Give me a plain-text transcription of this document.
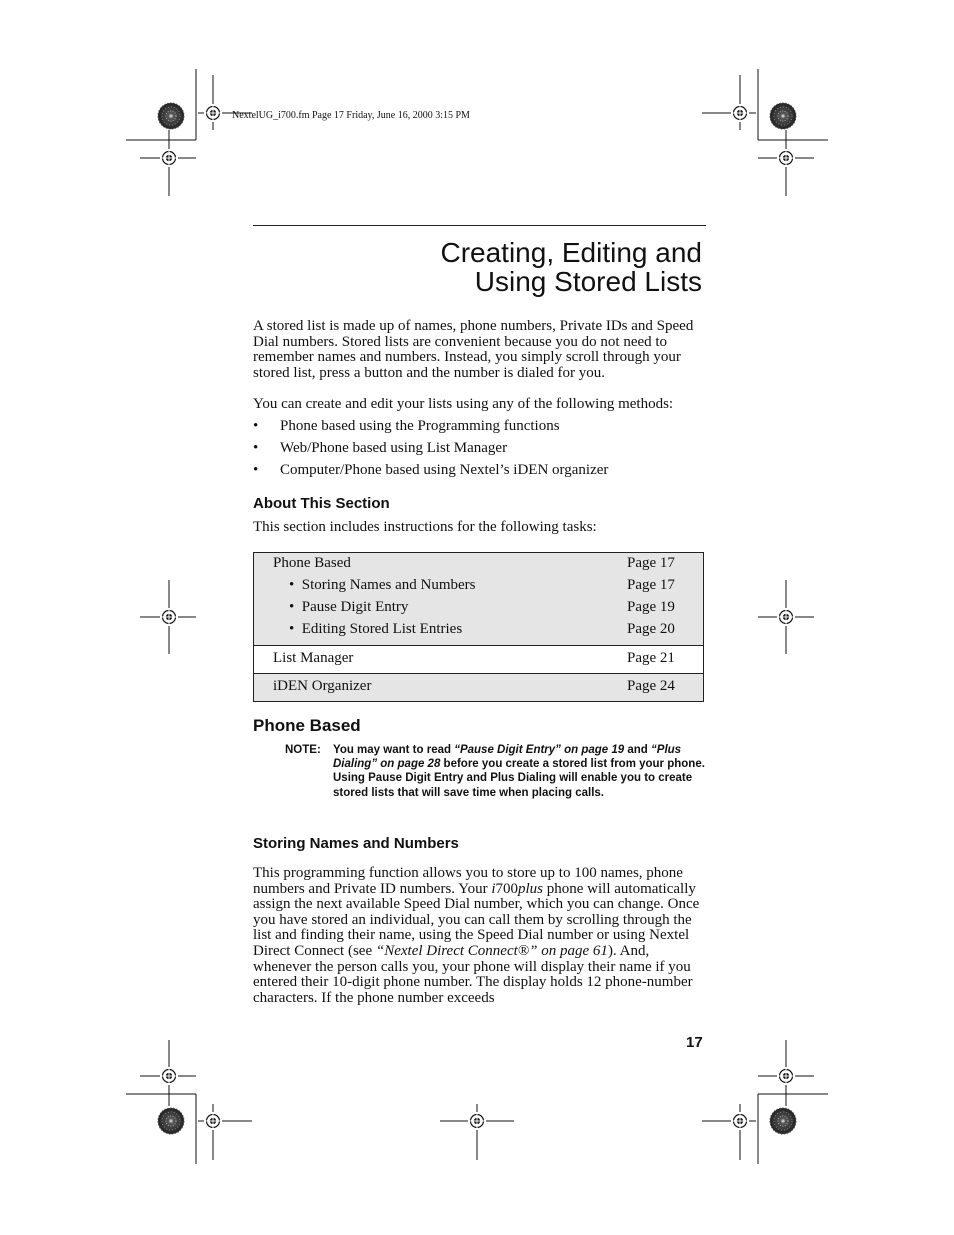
NextelUG_i700.fm Page 17 Friday, June 16, 2000 3:15 PM
Creating, Editing and
Using Stored Lists

A stored list is made up of names, phone numbers, Private IDs and Speed Dial numbers. Stored lists are convenient because you do not need to remember names and numbers. Instead, you simply scroll through your stored list, press a button and the number is dialed for you.

You can create and edit your lists using any of the following methods:

• Phone based using the Programming functions
• Web/Phone based using List Manager
• Computer/Phone based using Nextel’s iDEN organizer
About This Section

This section includes instructions for the following tasks:

Phone Based	Page 17
• Storing Names and Numbers	Page 17
• Pause Digit Entry	Page 19
• Editing Stored List Entries	Page 20
List Manager	Page 21
iDEN Organizer	Page 24
Phone Based
NOTE: You may want to read “Pause Digit Entry” on page 19 and “Plus Dialing” on page 28 before you create a stored list from your phone. Using Pause Digit Entry and Plus Dialing will enable you to create stored lists that will save time when placing calls.
Storing Names and Numbers

This programming function allows you to store up to 100 names, phone numbers and Private ID numbers. Your i700plus phone will automatically assign the next available Speed Dial number, which you can change. Once you have stored an individual, you can call them by scrolling through the list and finding their name, using the Speed Dial number or using Nextel Direct Connect (see “Nextel Direct Connect®” on page 61). And, whenever the person calls you, your phone will display their name if you entered their 10-digit phone number. The display holds 12 phone-number characters. If the phone number exceeds

17
